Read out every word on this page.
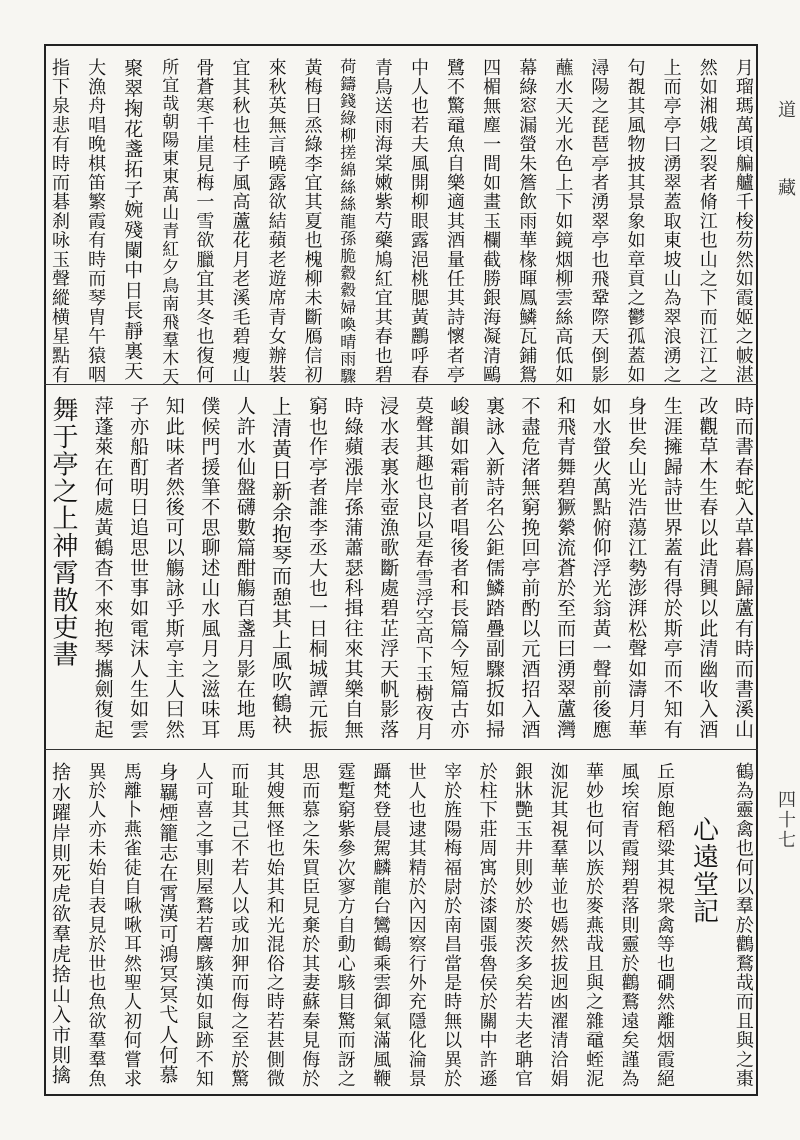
月瑠瑪萬頃艑艫千梭芴然如霞姬之帔湛
然如湘娥之裂者脩江也山之下而江江之
上而亭亭曰湧翠蓋取東坡山為翠浪湧之
句覩其風物披其景象如章貢之鬱孤蓋如
潯陽之琵琶亭者湧翠亭也飛鞏際天倒影
蘸水天光水色上下如鏡烟柳雲絲高低如
幕綠窓漏螢朱簷飲雨華椽暉鳳鱗瓦鋪鴛
四楣無塵一間如畫玉欄截勝銀海凝清鷗
鷺不驚黿魚自樂適其酒量任其詩懷者亭
中人也若夫風開柳眼露浥桃腮黃鸝呼春
青鳥送雨海棠嫩紫芍藥鳩紅宜其春也碧
荷鑄錢綠柳搓綿絲絲龍孫脆縠縠婦喚晴雨驟
黃梅日烝綠李宜其夏也槐柳未斷鴈信初
來秋英無言曉露欲結蘋老遊席青女辦裝
宜其秋也桂子風高蘆花月老溪毛碧瘦山
骨蒼寒千崖見梅一雪欲臘宜其冬也復何
所宜哉朝陽東東萬山青紅夕鳥南飛羣木天
聚翠掬花盞拓子婉殘闌中日長靜裏天
大漁舟唱晚棋笛繁霞有時而琴胄午猿咽
指下泉悲有時而碁刹咏玉聲縱横星點有
時而書春蛇入草暮鳫歸蘆有時而書溪山
改觀草木生春以此清興以此清幽收入酒
生涯擁歸詩世界蓋有得於斯亭而不知有
身世矣山光浩蕩江勢澎湃松聲如濤月華
如水螢火萬點俯仰浮光翁黃一聲前後應
和飛青舞碧獗縈流蒼於至而曰湧翠蘆灣
不盡危渚無窮挽回亭前酌以元酒招入酒
裏詠入新詩名公鉅儒鱗踏疊副驟扳如掃
峻韻如霜前者唱後者和長篇今短篇古亦
莫聲其趣也良以是春雪浮空高下玉樹夜月
浸水表裏氷壺漁歌斷處碧芷浮天帆影落
時綠蘋漲岸孫蒲蕭瑟科揖往來其樂自無
窮也作亭者誰李丞大也一日桐城譚元振
上清黃日新余抱琴而憩其上風吹鶴袂
人許水仙盤礴數篇酣觴百盞月影在地馬
僕候門援筆不思聊述山水風月之滋味耳
知此味者然後可以觴詠乎斯亭主人曰然
子亦船酊明日追思世事如電沫人生如雲
萍蓬萊在何處黃鶴杳不來抱琴攜劍復起
舞于亭之上神霄散吏書
鶴為靈禽也何以羣於鸛鶩哉而且與之棗
心遠堂記
丘原飽稻粱其視衆禽等也磵然離烟霞絕
風埃宿青霞翔碧落則靈於鸛鶩遠矣謹為
華妙也何以族於麥燕哉且與之雜黿蛭泥
洳泥其視羣華並也嫣然拔迥凼濯清洽娟
銀牀艷玉井則妙於麥茨多矣若夫老聃官
於柱下莊周寓於漆園張魯侯於關中許遜
宰於旌陽梅福尉於南昌當是時無以異於
世人也逮其精於內因察行外充隱化淪景
躡梵登晨駕麟龍台鸞鶴乘雲御氣滿風鞭
霆蹔窮紫參次寥方自動心駭目驚而訝之
思而慕之朱買臣見棄於其妻蘇秦見侮於
其嫂無怪也始其和光混俗之時若甚側微
而耻其己不若人以或加狎而侮之至於驚
人可喜之事則屋鶩若麐駭漢如鼠跡不知
身羈煙籠志在霄漢可鴻冥冥弋人何慕
馬離卜燕雀徒自啾啾耳然聖人初何嘗求
異於人亦未始自表見於世也魚欲羣羣魚
捨水躍岸則死虎欲羣虎捨山入市則擒
道
藏
四十七
